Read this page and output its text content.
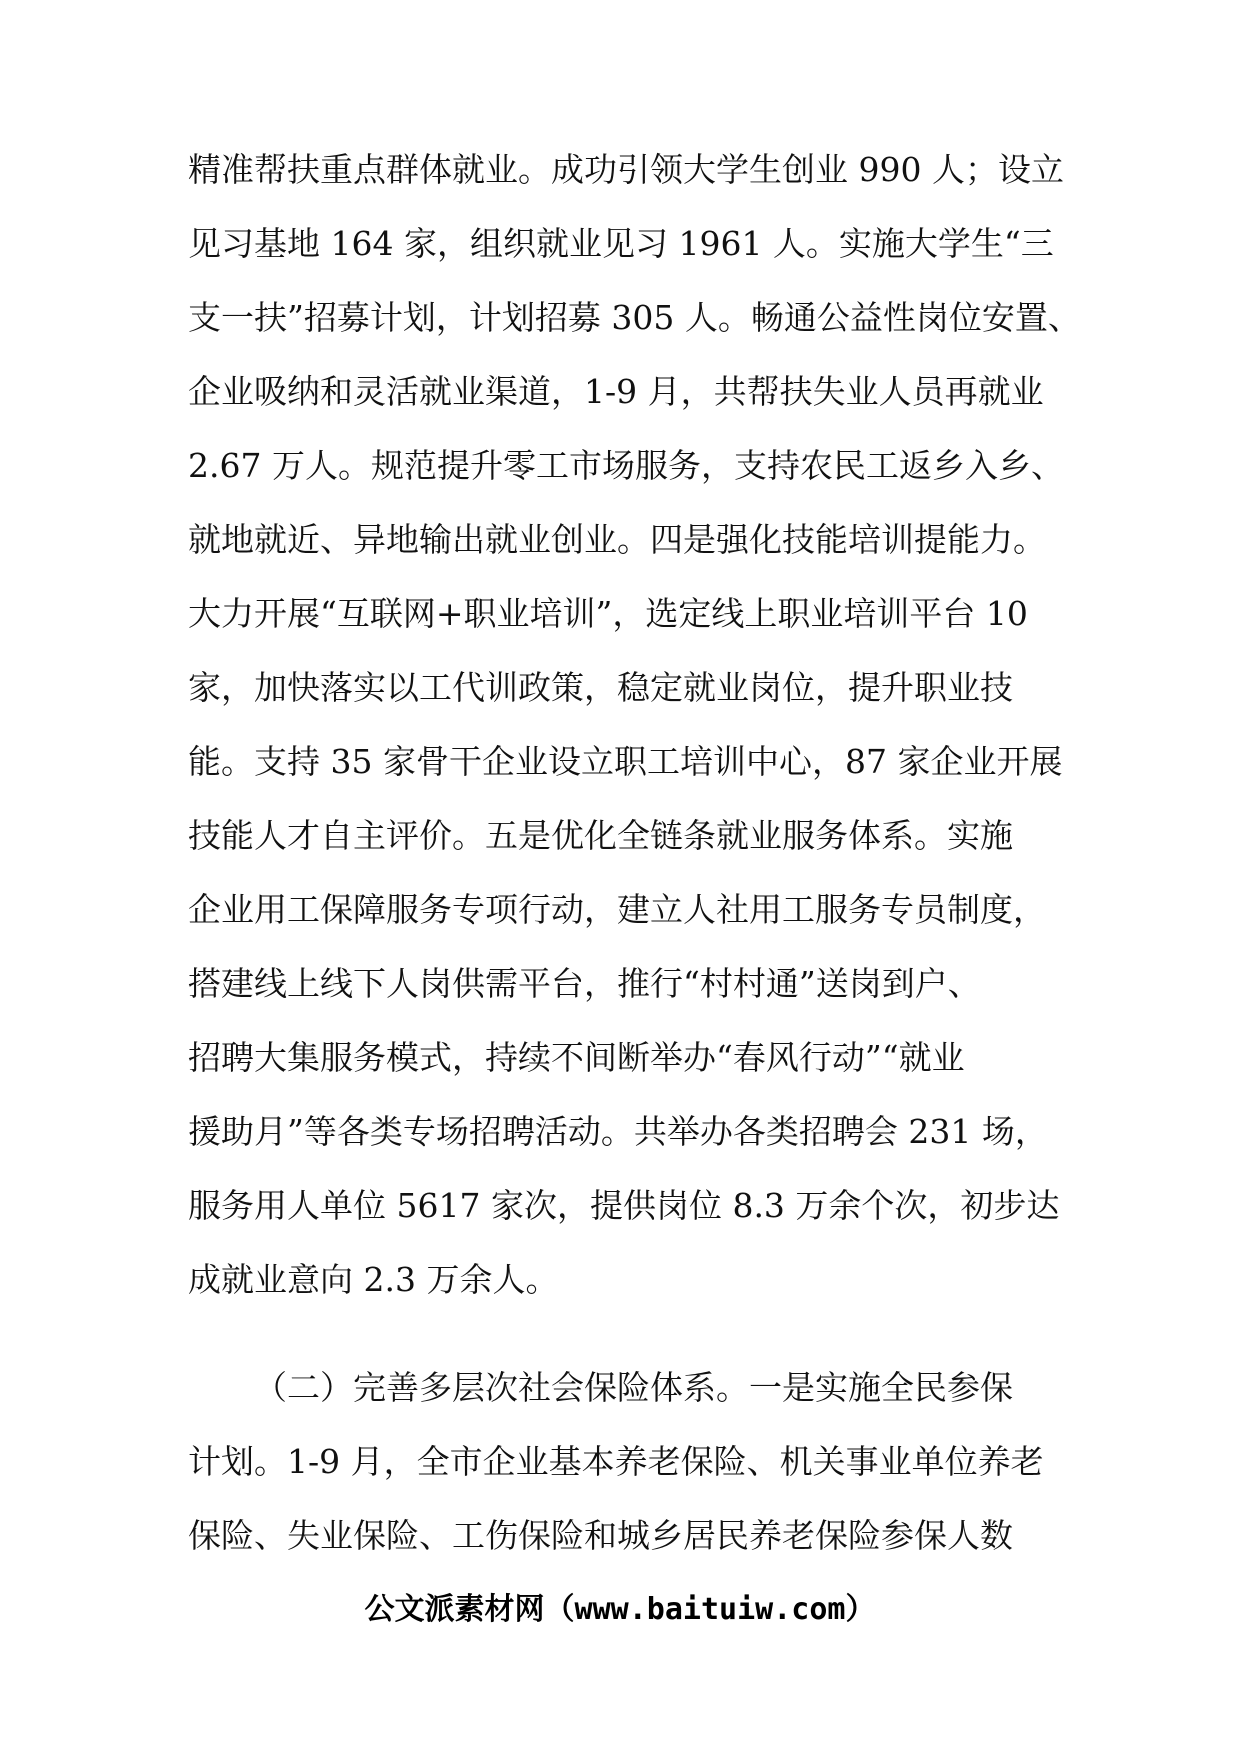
精准帮扶重点群体就业。成功引领大学生创业 990 人；设立
见习基地 164 家，组织就业见习 1961 人。实施大学生“三
支一扶”招募计划，计划招募 305 人。畅通公益性岗位安置、
企业吸纳和灵活就业渠道，1-9 月，共帮扶失业人员再就业
2.67 万人。规范提升零工市场服务，支持农民工返乡入乡、
就地就近、异地输出就业创业。四是强化技能培训提能力。
大力开展“互联网+职业培训”，选定线上职业培训平台 10
家，加快落实以工代训政策，稳定就业岗位，提升职业技
能。支持 35 家骨干企业设立职工培训中心，87 家企业开展
技能人才自主评价。五是优化全链条就业服务体系。实施
企业用工保障服务专项行动，建立人社用工服务专员制度，
搭建线上线下人岗供需平台，推行“村村通”送岗到户、
招聘大集服务模式，持续不间断举办“春风行动”“就业
援助月”等各类专场招聘活动。共举办各类招聘会 231 场，
服务用人单位 5617 家次，提供岗位 8.3 万余个次，初步达
成就业意向 2.3 万余人。
（二）完善多层次社会保险体系。一是实施全民参保
计划。1-9 月，全市企业基本养老保险、机关事业单位养老
保险、失业保险、工伤保险和城乡居民养老保险参保人数
公文派素材网（www.baituiw.com）
